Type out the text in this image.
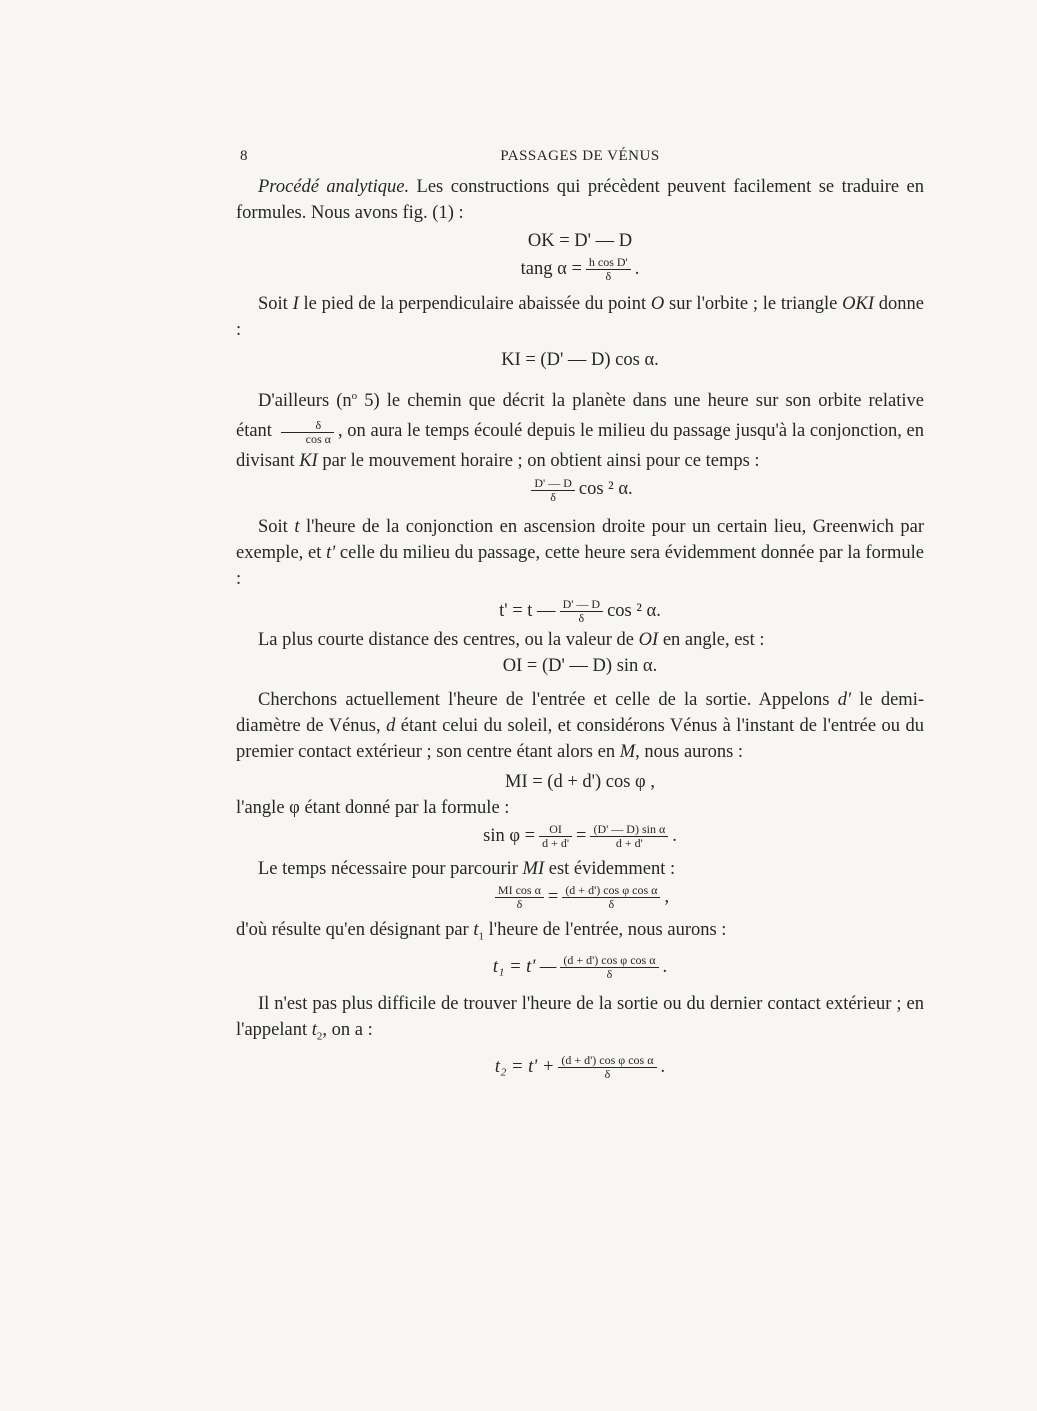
8	PASSAGES DE VÉNUS

Procédé analytique. Les constructions qui précèdent peuvent facilement se traduire en formules. Nous avons fig. (1) :

OK = D' — D
tang $\alpha = \frac{\text{h cos D'}}{\delta}$ .

Soit I le pied de la perpendiculaire abaissée du point O sur l'orbite ; le triangle OKI donne :

KI = (D' — D) cos α.

D'ailleurs ($n^o$ 5) le chemin que décrit la planète dans une heure sur son orbite relative étant $\frac{\delta}{\text{cos α}}$ , on aura le temps écoulé depuis le milieu du passage jusqu'à la conjonction, en divisant KI par le mouvement horaire ; on obtient ainsi pour ce temps :

$\frac{D' — D}{\delta}$ cos ² α.

Soit t l'heure de la conjonction en ascension droite pour un certain lieu, Greenwich par exemple, et t' celle du milieu du passage, cette heure sera évidemment donnée par la formule :

t' = t — $\frac{D' — D}{\delta}$ cos ² α.

La plus courte distance des centres, ou la valeur de OI en angle, est :

OI = (D' — D) sin α.

Cherchons actuellement l'heure de l'entrée et celle de la sortie. Appelons d' le demi-diamètre de Vénus, d étant celui du soleil, et considérons Vénus à l'instant de l'entrée ou du premier contact extérieur ; son centre étant alors en M, nous aurons :

MI = (d + d') cos φ ,

l'angle φ étant donné par la formule :

$\sin \varphi = \frac{OI}{d + d'} = \frac{\text{(D' — D) sin α}}{d + d'}$ .

Le temps nécessaire pour parcourir MI est évidemment :

$\frac{\text{MI cos α}}{\delta} = \frac{\text{(d + d') cos φ cos α}}{\delta}$ ,

d'où résulte qu'en désignant par $t_1$ l'heure de l'entrée, nous aurons :

t₁ = t' — $\frac{\text{(d + d') cos φ cos α}}{\delta}$ .

Il n'est pas plus difficile de trouver l'heure de la sortie ou du dernier contact extérieur ; en l'appelant $t_2$, on a :

$t_2 = t' + \frac{\text{(d + d') cos φ cos α}}{\delta}$ .
